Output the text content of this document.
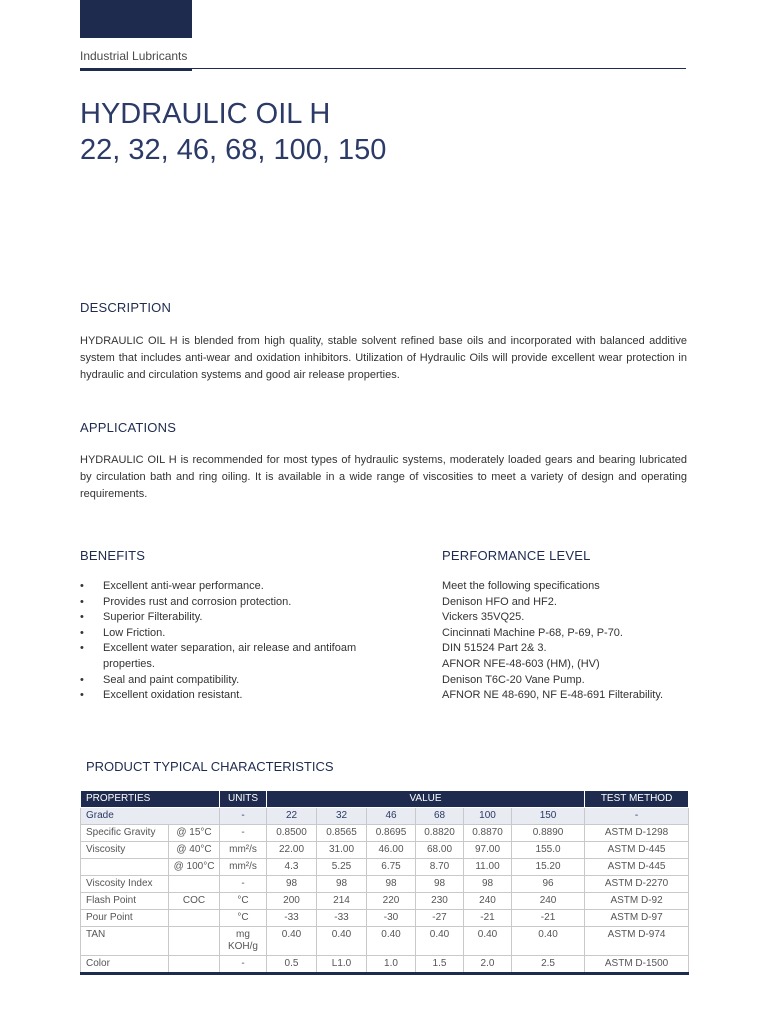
Industrial Lubricants
HYDRAULIC OIL H
22, 32, 46, 68, 100, 150
DESCRIPTION

HYDRAULIC OIL H is blended from high quality, stable solvent refined base oils and incorporated with balanced additive system that includes anti-wear and oxidation inhibitors. Utilization of Hydraulic Oils will provide excellent wear protection in hydraulic and circulation systems and good air release properties.

APPLICATIONS

HYDRAULIC OIL H is recommended for most types of hydraulic systems, moderately loaded gears and bearing lubricated by circulation bath and ring oiling. It is available in a wide range of viscosities to meet a variety of design and operating requirements.

BENEFITS
• Excellent anti-wear performance.
• Provides rust and corrosion protection.
• Superior Filterability.
• Low Friction.
• Excellent water separation, air release and antifoam properties.
• Seal and paint compatibility.
• Excellent oxidation resistant.
PERFORMANCE LEVEL
Meet the following specifications
Denison HFO and HF2.
Vickers 35VQ25.
Cincinnati Machine P-68, P-69, P-70.
DIN 51524 Part 2& 3.
AFNOR NFE-48-603 (HM), (HV)
Denison T6C-20 Vane Pump.
AFNOR NE 48-690, NF E-48-691 Filterability.
PRODUCT TYPICAL CHARACTERISTICS
PROPERTIES		UNITS	VALUE						TEST METHOD
Grade		-	22	32	46	68	100	150	-
Specific Gravity	@ 15°C	-	0.8500	0.8565	0.8695	0.8820	0.8870	0.8890	ASTM D-1298
Viscosity	@ 40°C	mm²/s	22.00	31.00	46.00	68.00	97.00	155.0	ASTM D-445
	@ 100°C	mm²/s	4.3	5.25	6.75	8.70	11.00	15.20	ASTM D-445
Viscosity Index		-	98	98	98	98	98	96	ASTM D-2270
Flash Point	COC	°C	200	214	220	230	240	240	ASTM D-92
Pour Point		°C	-33	-33	-30	-27	-21	-21	ASTM D-97
TAN		mg
KOH/g	0.40	0.40	0.40	0.40	0.40	0.40	ASTM D-974
Color		-	0.5	L1.0	1.0	1.5	2.0	2.5	ASTM D-1500
